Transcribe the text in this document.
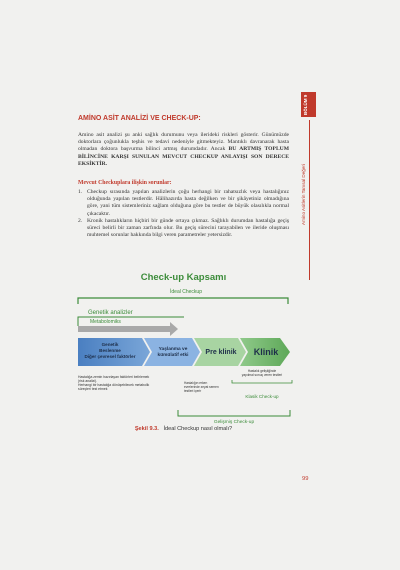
BÖLÜM 9
Amino Asitlerin Tanısal Değeri
AMİNO ASİT ANALİZİ VE CHECK-UP:

Amino asit analizi şu anki sağlık durumunu veya ilerideki riskleri gösterir. Günümüzde doktorlara çoğunlukla teşhis ve tedavi nedeniyle gitmekteyiz. Mantıklı davranarak hasta olmadan doktora başvurma bilinci artmış durumdadır. Ancak BU ARTMIŞ TOPLUM BİLİNCİNE KARŞI SUNULAN MEVCUT CHECKUP ANLAYIŞI SON DERECE EKSİKTİR.

Mevcut Checkuplara ilişkin sorunlar:
1. Checkup sırasında yapılan analizlerin çoğu herhangi bir rahatsızlık veya hastalığınız olduğunda yapılan testlerdir. Hâlihazırda hasta değilken ve bir şikâyetiniz olmadığına göre, yani tüm sistemleriniz sağlam olduğuna göre bu testler de büyük olasılıkla normal çıkacaktır.
2. Kronik hastalıkların hiçbiri bir günde ortaya çıkmaz. Sağlıklı durumdan hastalığa geçiş süreci belirli bir zaman zarfında olur. Bu geçiş sürecini tarayabilen ve ileride oluşması muhtemel sorunlar hakkında bilgi veren parametreler yetersizdir.
Check-up Kapsamı
İdeal Checkup
Genetik analizler
Metabolomiks
Genetik
Beslenme
Diğer çevresel faktörler
Yaşlanma ve
kümülatif etki Pre klinik Klinik
Hastalığa zemin hazırlayan faktörleri belirlemek
(risk analizi).
Herhangi bir hastalığa dönüşebilecek metabolik
süreçleri test etmek
Hastalığın erken
evrelerinde zeyat semen
testleri içerir
Hastalık geliştiğinde
yapılmal sonuç veren testleri
Klasik Check-up
Gelişmiş Check-up
Şekil 9.3. İdeal Checkup nasıl olmalı?
99
